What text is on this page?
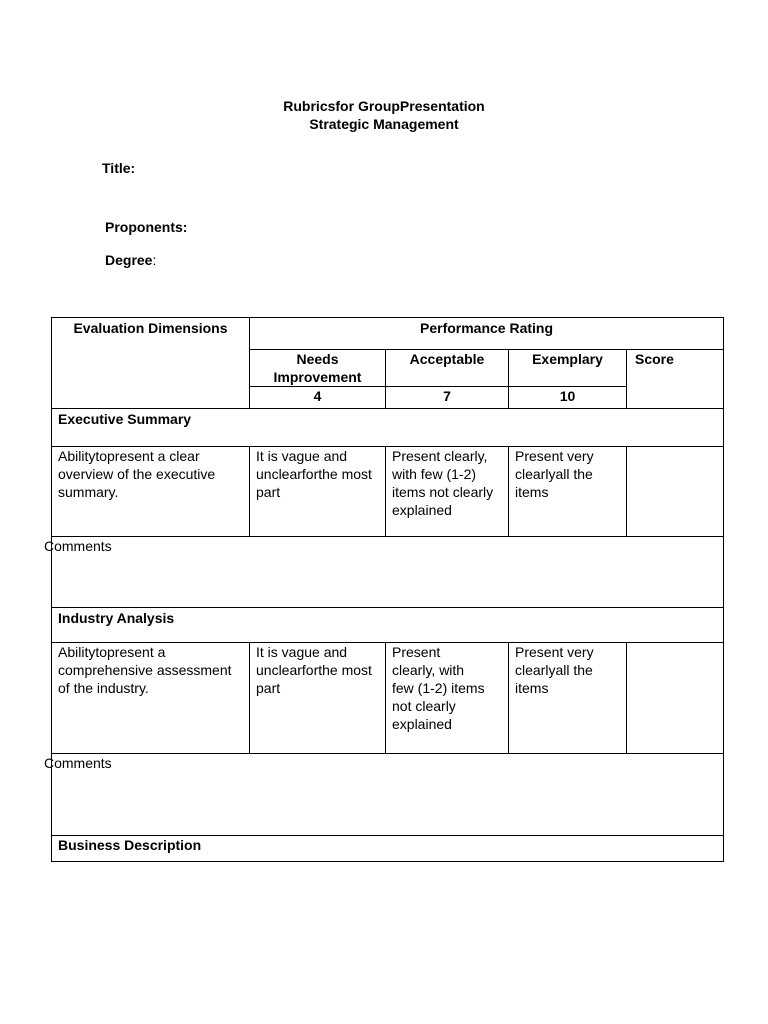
Rubricsfor GroupPresentation
Strategic Management
Title:
Proponents:
Degree:
Evaluation Dimensions	Performance Rating			

	Needs Improvement	Acceptable	Exemplary	Score

	4	7	10	

Executive Summary				

Abilitytopresent a clear overview of the executive summary.	It is vague and unclearforthe most part	Present clearly, with few (1-2) items not clearly explained	Present very clearlyall the items	

Comments				

Industry Analysis				

Abilitytopresent a comprehensive assessment of the industry.	It is vague and unclearforthe most part	Present clearly, with few (1-2) items not clearly explained	Present very clearlyall the items	

Comments				

Business Description				
